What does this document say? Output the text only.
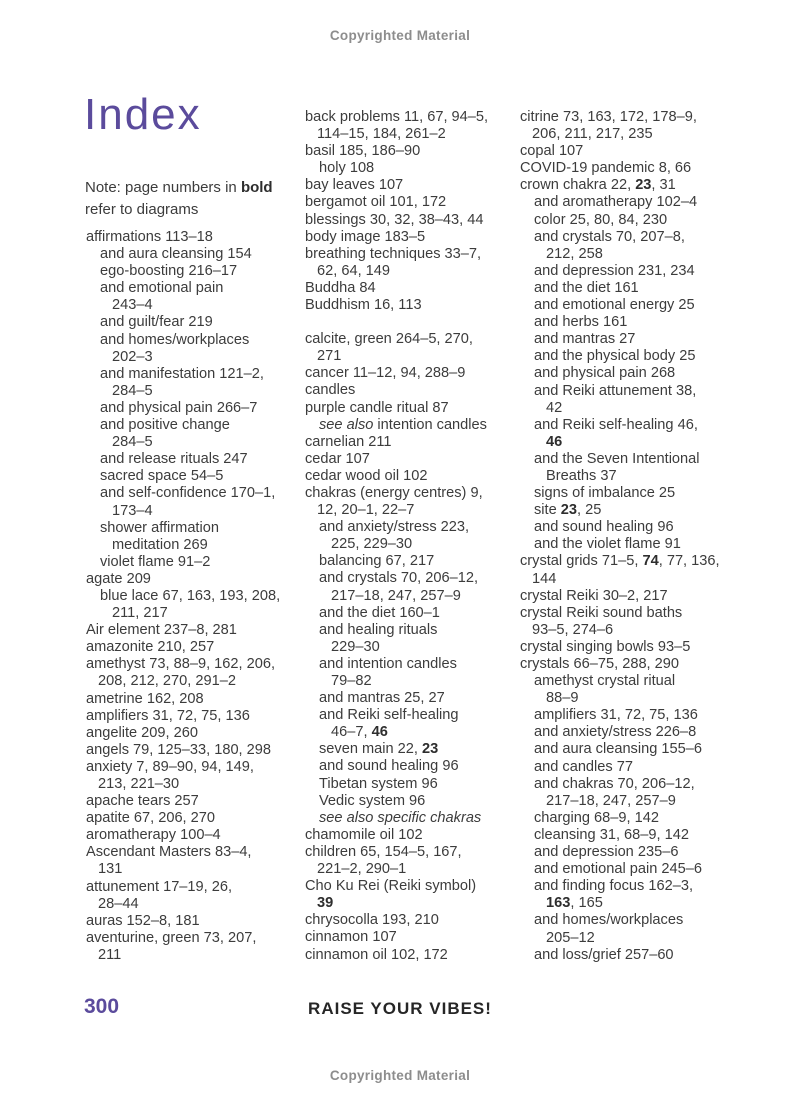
Copyrighted Material
Index

Note: page numbers in bold refer to diagrams

affirmations 113–18
and aura cleansing 154
ego-boosting 216–17
and emotional pain
243–4
and guilt/fear 219
and homes/workplaces
202–3
and manifestation 121–2,
284–5
and physical pain 266–7
and positive change
284–5
and release rituals 247
sacred space 54–5
and self-confidence 170–1,
173–4
shower affirmation
meditation 269
violet flame 91–2
agate 209
blue lace 67, 163, 193, 208,
211, 217
Air element 237–8, 281
amazonite 210, 257
amethyst 73, 88–9, 162, 206,
208, 212, 270, 291–2
ametrine 162, 208
amplifiers 31, 72, 75, 136
angelite 209, 260
angels 79, 125–33, 180, 298
anxiety 7, 89–90, 94, 149,
213, 221–30
apache tears 257
apatite 67, 206, 270
aromatherapy 100–4
Ascendant Masters 83–4,
131
attunement 17–19, 26,
28–44
auras 152–8, 181
aventurine, green 73, 207,
211
back problems 11, 67, 94–5,
114–15, 184, 261–2
basil 185, 186–90
holy 108
bay leaves 107
bergamot oil 101, 172
blessings 30, 32, 38–43, 44
body image 183–5
breathing techniques 33–7,
62, 64, 149
Buddha 84
Buddhism 16, 113
calcite, green 264–5, 270,
271
cancer 11–12, 94, 288–9
candles
purple candle ritual 87
see also intention candles
carnelian 211
cedar 107
cedar wood oil 102
chakras (energy centres) 9,
12, 20–1, 22–7
and anxiety/stress 223,
225, 229–30
balancing 67, 217
and crystals 70, 206–12,
217–18, 247, 257–9
and the diet 160–1
and healing rituals
229–30
and intention candles
79–82
and mantras 25, 27
and Reiki self-healing
46–7, 46
seven main 22, 23
and sound healing 96
Tibetan system 96
Vedic system 96
see also specific chakras
chamomile oil 102
children 65, 154–5, 167,
221–2, 290–1
Cho Ku Rei (Reiki symbol)
39
chrysocolla 193, 210
cinnamon 107
cinnamon oil 102, 172
citrine 73, 163, 172, 178–9,
206, 211, 217, 235
copal 107
COVID-19 pandemic 8, 66
crown chakra 22, 23, 31
and aromatherapy 102–4
color 25, 80, 84, 230
and crystals 70, 207–8,
212, 258
and depression 231, 234
and the diet 161
and emotional energy 25
and herbs 161
and mantras 27
and the physical body 25
and physical pain 268
and Reiki attunement 38,
42
and Reiki self-healing 46,
46
and the Seven Intentional
Breaths 37
signs of imbalance 25
site 23, 25
and sound healing 96
and the violet flame 91
crystal grids 71–5, 74, 77, 136,
144
crystal Reiki 30–2, 217
crystal Reiki sound baths
93–5, 274–6
crystal singing bowls 93–5
crystals 66–75, 288, 290
amethyst crystal ritual
88–9
amplifiers 31, 72, 75, 136
and anxiety/stress 226–8
and aura cleansing 155–6
and candles 77
and chakras 70, 206–12,
217–18, 247, 257–9
charging 68–9, 142
cleansing 31, 68–9, 142
and depression 235–6
and emotional pain 245–6
and finding focus 162–3,
163, 165
and homes/workplaces
205–12
and loss/grief 257–60
300	RAISE YOUR VIBES!
Copyrighted Material
